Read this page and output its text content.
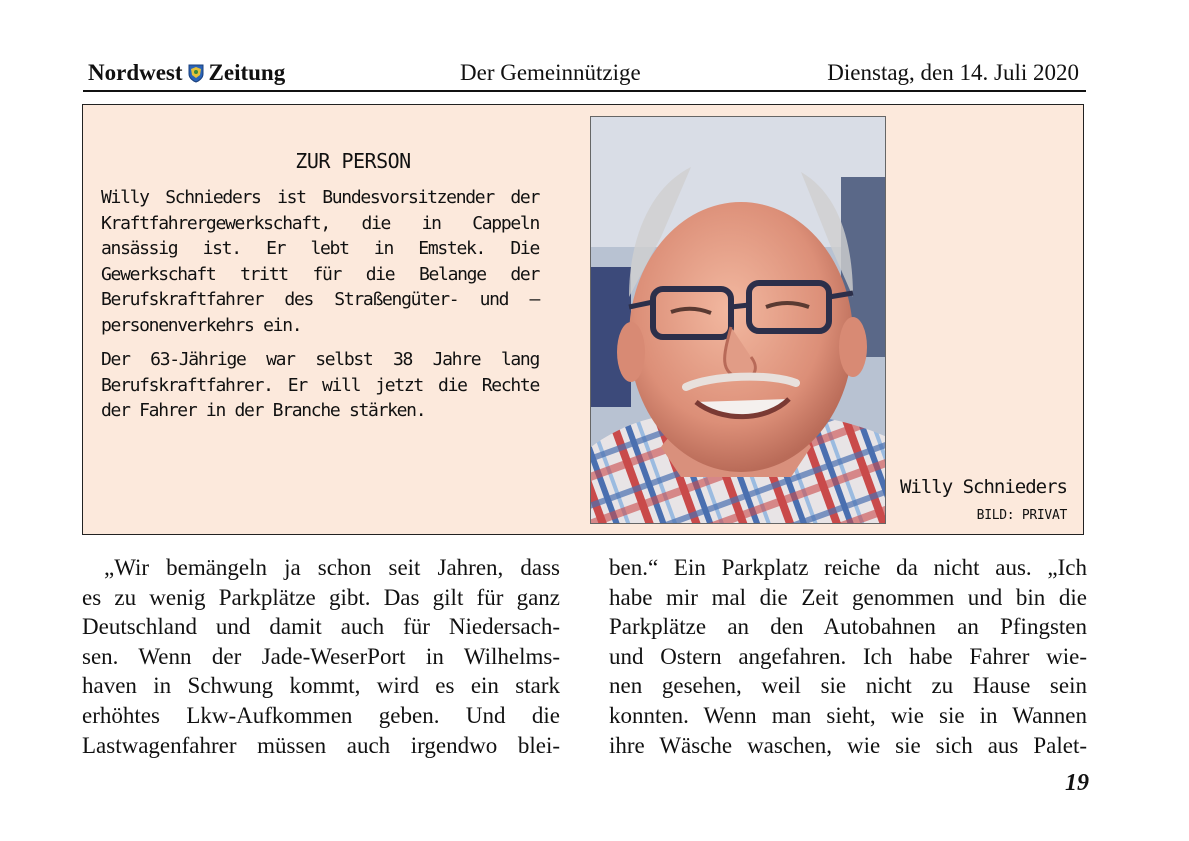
Nordwest Zeitung	Der Gemeinnützige	Dienstag, den 14. Juli 2020
ZUR PERSON

Willy Schnieders ist Bundesvorsitzender der Kraftfahrergewerkschaft, die in Cappeln ansässig ist. Er lebt in Emstek. Die Gewerkschaft tritt für die Belange der Berufskraftfahrer des Straßengüter- und – personenverkehrs ein.

Der 63-Jährige war selbst 38 Jahre lang Berufskraftfahrer. Er will jetzt die Rechte der Fahrer in der Branche stärken.

Willy Schnieders
BILD: PRIVAT
„Wir bemängeln ja schon seit Jahren, dass
es zu wenig Parkplätze gibt. Das gilt für ganz
Deutschland und damit auch für Niedersach-
sen. Wenn der Jade-WeserPort in Wilhelms-
haven in Schwung kommt, wird es ein stark
erhöhtes Lkw-Aufkommen geben. Und die
Lastwagenfahrer müssen auch irgendwo blei-
ben.“ Ein Parkplatz reiche da nicht aus. „Ich
habe mir mal die Zeit genommen und bin die
Parkplätze an den Autobahnen an Pfingsten
und Ostern angefahren. Ich habe Fahrer wie-
nen gesehen, weil sie nicht zu Hause sein
konnten. Wenn man sieht, wie sie in Wannen
ihre Wäsche waschen, wie sie sich aus Palet-
19
